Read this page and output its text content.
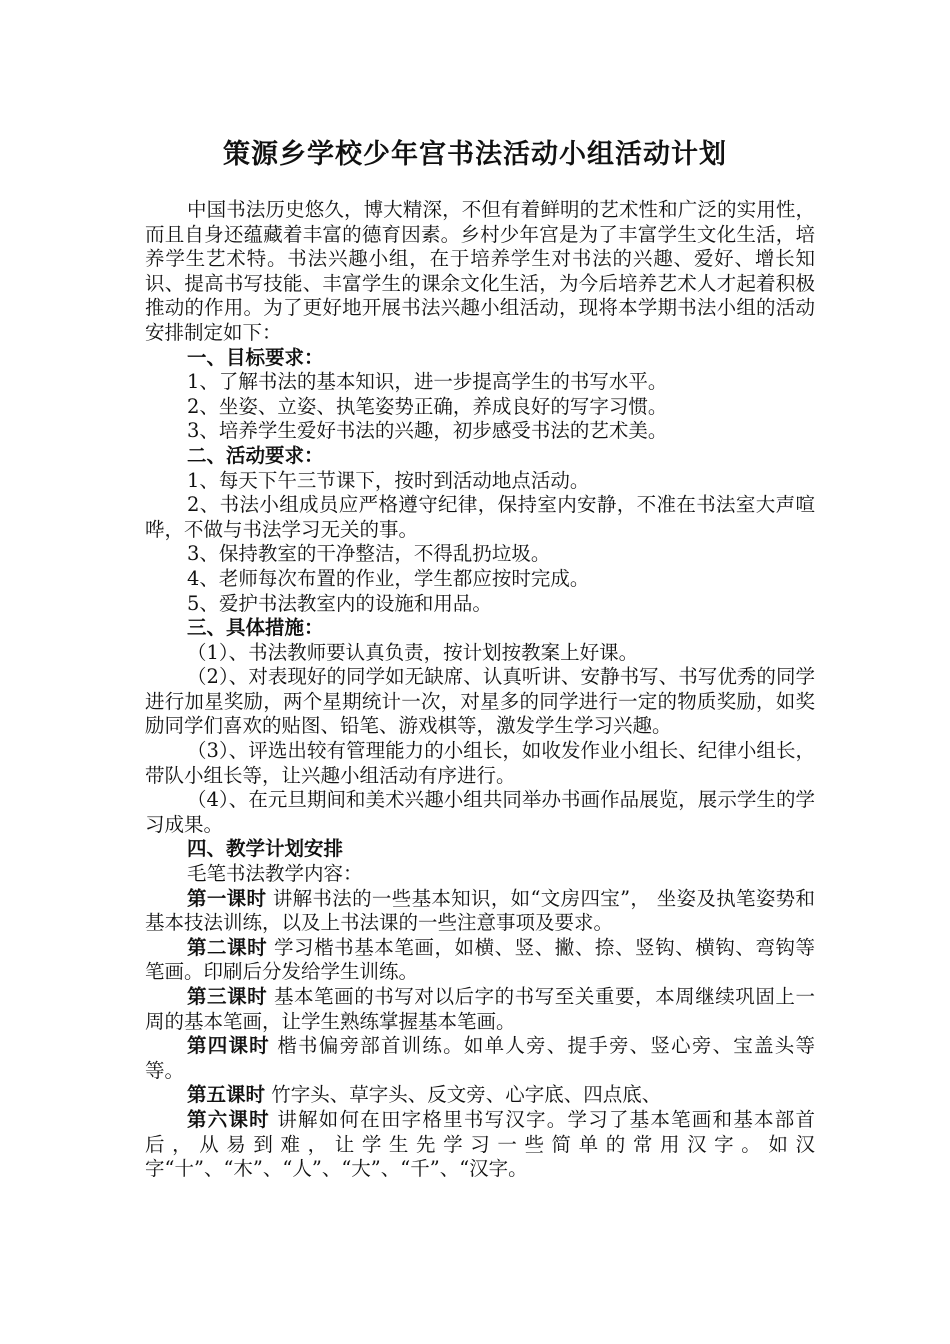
策源乡学校少年宫书法活动小组活动计划

中国书法历史悠久，博大精深，不但有着鲜明的艺术性和广泛的实用性，而且自身还蕴藏着丰富的德育因素。乡村少年宫是为了丰富学生文化生活，培养学生艺术特。书法兴趣小组，在于培养学生对书法的兴趣、爱好、增长知识、提高书写技能、丰富学生的课余文化生活，为今后培养艺术人才起着积极推动的作用。为了更好地开展书法兴趣小组活动，现将本学期书法小组的活动安排制定如下：

一、目标要求：

1、了解书法的基本知识，进一步提高学生的书写水平。

2、坐姿、立姿、执笔姿势正确，养成良好的写字习惯。

3、培养学生爱好书法的兴趣，初步感受书法的艺术美。

二、活动要求：

1、每天下午三节课下，按时到活动地点活动。

2、书法小组成员应严格遵守纪律，保持室内安静，不准在书法室大声喧哗，不做与书法学习无关的事。

3、保持教室的干净整洁，不得乱扔垃圾。

4、老师每次布置的作业，学生都应按时完成。

5、爱护书法教室内的设施和用品。

三、具体措施：

（1）、书法教师要认真负责，按计划按教案上好课。

（2）、对表现好的同学如无缺席、认真听讲、安静书写、书写优秀的同学进行加星奖励，两个星期统计一次，对星多的同学进行一定的物质奖励，如奖励同学们喜欢的贴图、铅笔、游戏棋等，激发学生学习兴趣。

（3）、评选出较有管理能力的小组长，如收发作业小组长、纪律小组长，带队小组长等，让兴趣小组活动有序进行。

（4）、在元旦期间和美术兴趣小组共同举办书画作品展览，展示学生的学习成果。

四、教学计划安排

毛笔书法教学内容：

第一课时 讲解书法的一些基本知识，如“文房四宝”， 坐姿及执笔姿势和基本技法训练，以及上书法课的一些注意事项及要求。

第二课时 学习楷书基本笔画，如横、竖、撇、捺、竖钩、横钩、弯钩等笔画。印刷后分发给学生训练。

第三课时 基本笔画的书写对以后字的书写至关重要，本周继续巩固上一周的基本笔画，让学生熟练掌握基本笔画。

第四课时 楷书偏旁部首训练。如单人旁、提手旁、竖心旁、宝盖头等等。

第五课时 竹字头、草字头、反文旁、心字底、四点底、

第六课时 讲解如何在田字格里书写汉字。学习了基本笔画和基本部首后，从易到难，让学生先学习一些简单的常用汉字。如汉字“十”、“木”、“人”、“大”、“千”、“汉字。
